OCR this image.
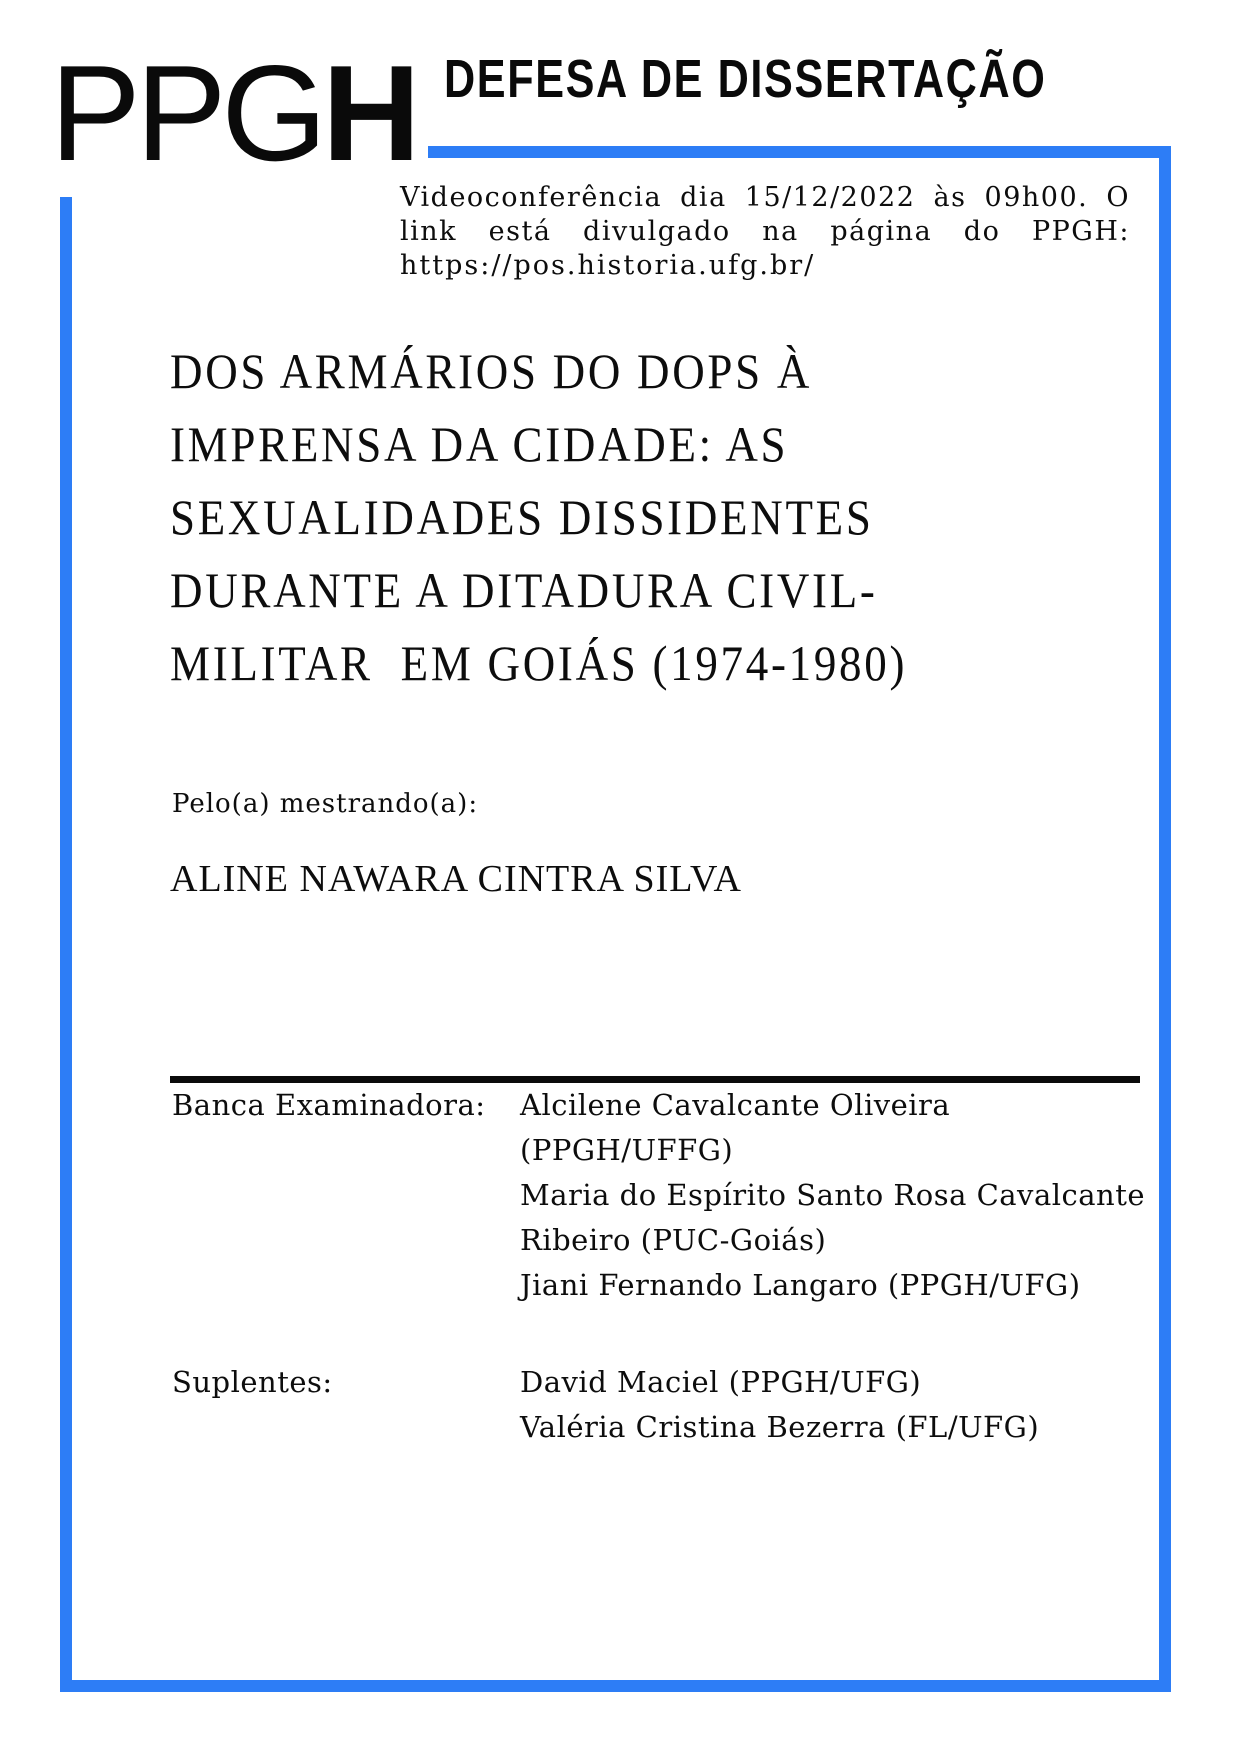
PPGH DEFESA DE DISSERTAÇÃO

Videoconferência dia 15/12/2022 às 09h00. O link está divulgado na página do PPGH: https://pos.historia.ufg.br/

DOS ARMÁRIOS DO DOPS À
IMPRENSA DA CIDADE: AS
SEXUALIDADES DISSIDENTES
DURANTE A DITADURA CIVIL-
MILITAR  EM GOIÁS (1974-1980)

Pelo(a) mestrando(a):

ALINE NAWARA CINTRA SILVA

Banca Examinadora: Alcilene Cavalcante Oliveira (PPGH/UFFG)
Maria do Espírito Santo Rosa Cavalcante Ribeiro (PUC-Goiás)
Jiani Fernando Langaro (PPGH/UFG)

Suplentes:	David Maciel (PPGH/UFG)
Valéria Cristina Bezerra (FL/UFG)
